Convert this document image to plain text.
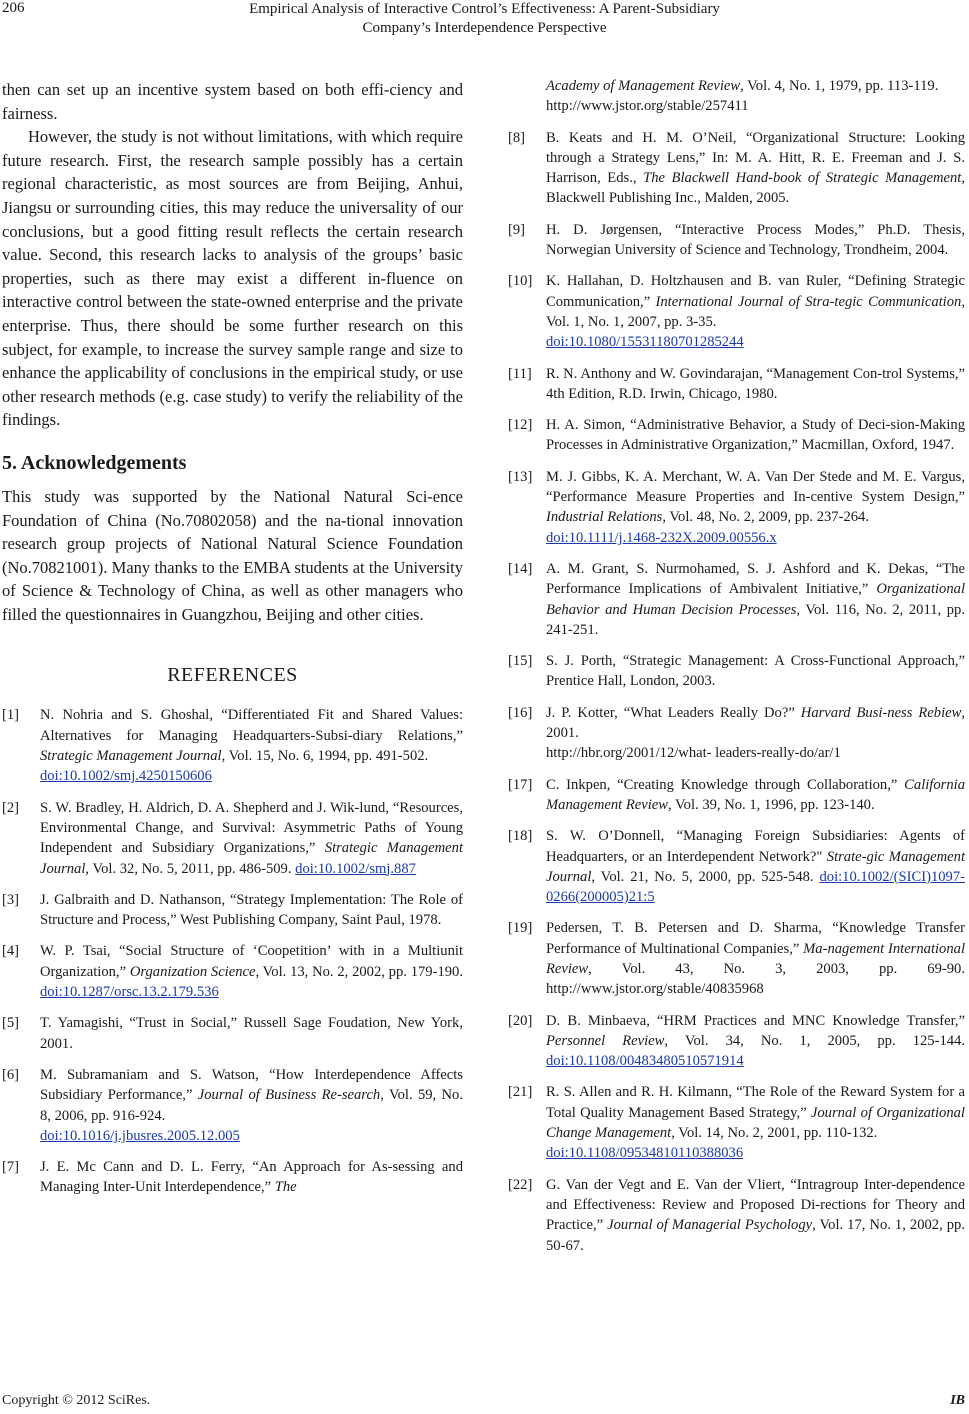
206	Empirical Analysis of Interactive Control’s Effectiveness: A Parent-Subsidiary
Company’s Interdependence Perspective

then can set up an incentive system based on both effi-ciency and fairness.

However, the study is not without limitations, with which require future research. First, the research sample possibly has a certain regional characteristic, as most sources are from Beijing, Anhui, Jiangsu or surrounding cities, this may reduce the universality of our conclusions, but a good fitting result reflects the certain research value. Second, this research lacks to analysis of the groups’ basic properties, such as there may exist a different in-fluence on interactive control between the state-owned enterprise and the private enterprise. Thus, there should be some further research on this subject, for example, to increase the survey sample range and size to enhance the applicability of conclusions in the empirical study, or use other research methods (e.g. case study) to verify the reliability of the findings.

5. Acknowledgements

This study was supported by the National Natural Sci-ence Foundation of China (No.70802058) and the na-tional innovation research group projects of National Natural Science Foundation (No.70821001). Many thanks to the EMBA students at the University of Science & Technology of China, as well as other managers who filled the questionnaires in Guangzhou, Beijing and other cities.

REFERENCES
[1]	N. Nohria and S. Ghoshal, “Differentiated Fit and Shared Values: Alternatives for Managing Headquarters-Subsi-diary Relations,” Strategic Management Journal, Vol. 15, No. 6, 1994, pp. 491-502.
doi:10.1002/smj.4250150606
[2]	S. W. Bradley, H. Aldrich, D. A. Shepherd and J. Wik-lund, “Resources, Environmental Change, and Survival: Asymmetric Paths of Young Independent and Subsidiary Organizations,” Strategic Management Journal, Vol. 32, No. 5, 2011, pp. 486-509. doi:10.1002/smj.887
[3]	J. Galbraith and D. Nathanson, “Strategy Implementation: The Role of Structure and Process,” West Publishing Company, Saint Paul, 1978.
[4]	W. P. Tsai, “Social Structure of ‘Coopetition’ with in a Multiunit Organization,” Organization Science, Vol. 13, No. 2, 2002, pp. 179-190. doi:10.1287/orsc.13.2.179.536
[5]	T. Yamagishi, “Trust in Social,” Russell Sage Foudation, New York, 2001.
[6]	M. Subramaniam and S. Watson, “How Interdependence Affects Subsidiary Performance,” Journal of Business Re-search, Vol. 59, No. 8, 2006, pp. 916-924.
doi:10.1016/j.jbusres.2005.12.005
[7]	J. E. Mc Cann and D. L. Ferry, “An Approach for As-sessing and Managing Inter-Unit Interdependence,” The
Academy of Management Review, Vol. 4, No. 1, 1979, pp. 113-119. http://www.jstor.org/stable/257411
[8]	B. Keats and H. M. O’Neil, “Organizational Structure: Looking through a Strategy Lens,” In: M. A. Hitt, R. E. Freeman and J. S. Harrison, Eds., The Blackwell Hand-book of Strategic Management, Blackwell Publishing Inc., Malden, 2005.
[9]	H. D. Jørgensen, “Interactive Process Modes,” Ph.D. Thesis, Norwegian University of Science and Technology, Trondheim, 2004.
[10] K. Hallahan, D. Holtzhausen and B. van Ruler, “Defining Strategic Communication,” International Journal of Stra-tegic Communication, Vol. 1, No. 1, 2007, pp. 3-35.
doi:10.1080/15531180701285244
[11] R. N. Anthony and W. Govindarajan, “Management Con-trol Systems,” 4th Edition, R.D. Irwin, Chicago, 1980.
[12] H. A. Simon, “Administrative Behavior, a Study of Deci-sion-Making Processes in Administrative Organization,” Macmillan, Oxford, 1947.
[13] M. J. Gibbs, K. A. Merchant, W. A. Van Der Stede and M. E. Vargus, “Performance Measure Properties and In-centive System Design,” Industrial Relations, Vol. 48, No. 2, 2009, pp. 237-264.
doi:10.1111/j.1468-232X.2009.00556.x
[14] A. M. Grant, S. Nurmohamed, S. J. Ashford and K. Dekas, “The Performance Implications of Ambivalent Initiative,” Organizational Behavior and Human Decision Processes, Vol. 116, No. 2, 2011, pp. 241-251.
[15] S. J. Porth, “Strategic Management: A Cross-Functional Approach,” Prentice Hall, London, 2003.
[16] J. P. Kotter, “What Leaders Really Do?” Harvard Busi-ness Rebiew, 2001.
http://hbr.org/2001/12/what- leaders-really-do/ar/1
[17] C. Inkpen, “Creating Knowledge through Collaboration,” California Management Review, Vol. 39, No. 1, 1996, pp. 123-140.
[18] S. W. O’Donnell, “Managing Foreign Subsidiaries: Agents of Headquarters, or an Interdependent Network?" Strate-gic Management Journal, Vol. 21, No. 5, 2000, pp. 525-548. doi:10.1002/(SICI)1097-0266(200005)21:5
[19] Pedersen, T. B. Petersen and D. Sharma, “Knowledge Transfer Performance of Multinational Companies,” Ma-nagement International Review, Vol. 43, No. 3, 2003, pp. 69-90. http://www.jstor.org/stable/40835968
[20] D. B. Minbaeva, “HRM Practices and MNC Knowledge Transfer,” Personnel Review, Vol. 34, No. 1, 2005, pp. 125-144. doi:10.1108/00483480510571914
[21] R. S. Allen and R. H. Kilmann, “The Role of the Reward System for a Total Quality Management Based Strategy,” Journal of Organizational Change Management, Vol. 14, No. 2, 2001, pp. 110-132.
doi:10.1108/09534810110388036
[22] G. Van der Vegt and E. Van der Vliert, “Intragroup Inter-dependence and Effectiveness: Review and Proposed Di-rections for Theory and Practice,” Journal of Managerial Psychology, Vol. 17, No. 1, 2002, pp. 50-67.
Copyright © 2012 SciRes.	IB
